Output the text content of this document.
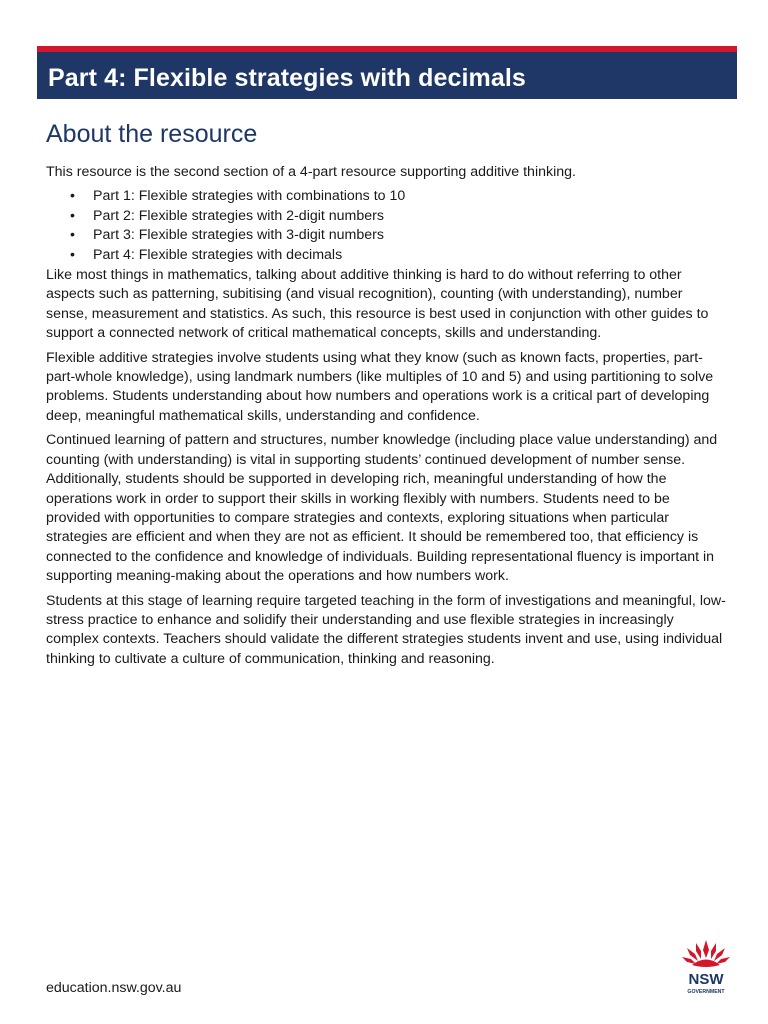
Part 4: Flexible strategies with decimals
About the resource

This resource is the second section of a 4-part resource supporting additive thinking.

• Part 1: Flexible strategies with combinations to 10
• Part 2: Flexible strategies with 2-digit numbers
• Part 3: Flexible strategies with 3-digit numbers
• Part 4: Flexible strategies with decimals

Like most things in mathematics, talking about additive thinking is hard to do without referring to other aspects such as patterning, subitising (and visual recognition), counting (with understanding), number sense, measurement and statistics. As such, this resource is best used in conjunction with other guides to support a connected network of critical mathematical concepts, skills and understanding.

Flexible additive strategies involve students using what they know (such as known facts, properties, part-part-whole knowledge), using landmark numbers (like multiples of 10 and 5) and using partitioning to solve problems. Students understanding about how numbers and operations work is a critical part of developing deep, meaningful mathematical skills, understanding and confidence.

Continued learning of pattern and structures, number knowledge (including place value understanding) and counting (with understanding) is vital in supporting students’ continued development of number sense. Additionally, students should be supported in developing rich, meaningful understanding of how the operations work in order to support their skills in working flexibly with numbers. Students need to be provided with opportunities to compare strategies and contexts, exploring situations when particular strategies are efficient and when they are not as efficient. It should be remembered too, that efficiency is connected to the confidence and knowledge of individuals. Building representational fluency is important in supporting meaning-making about the operations and how numbers work.

Students at this stage of learning require targeted teaching in the form of investigations and meaningful, low-stress practice to enhance and solidify their understanding and use flexible strategies in increasingly complex contexts. Teachers should validate the different strategies students invent and use, using individual thinking to cultivate a culture of communication, thinking and reasoning.

education.nsw.gov.au	NSW
GOVERNMENT
